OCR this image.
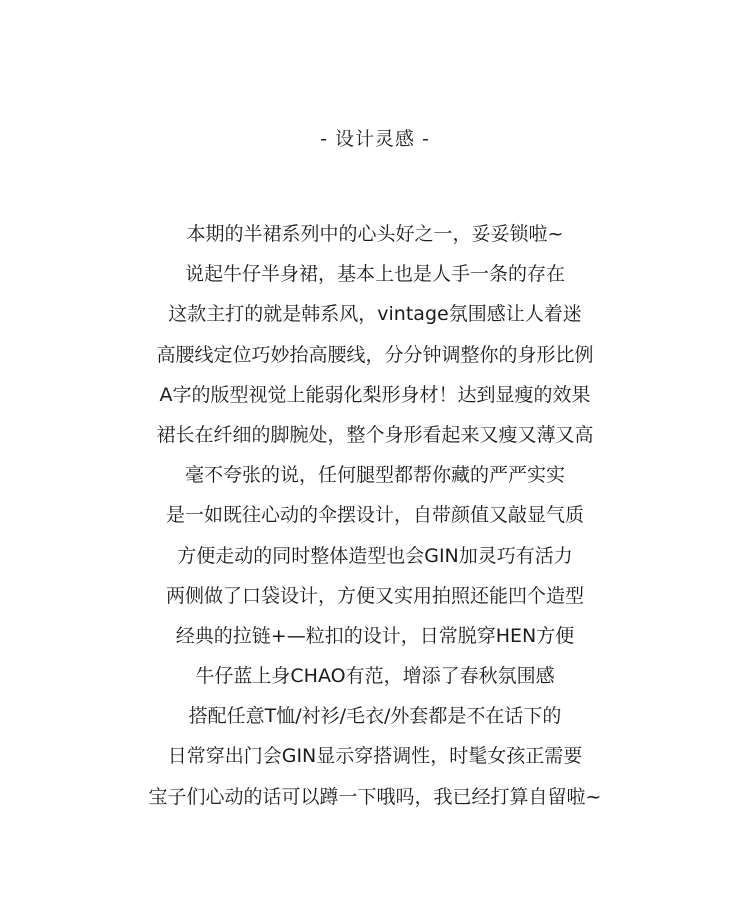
- 设计灵感 -
本期的半裙系列中的心头好之一，妥妥锁啦~
说起牛仔半身裙，基本上也是人手一条的存在
这款主打的就是韩系风，vintage氛围感让人着迷
高腰线定位巧妙抬高腰线，分分钟调整你的身形比例
A字的版型视觉上能弱化梨形身材！达到显瘦的效果
裙长在纤细的脚腕处，整个身形看起来又瘦又薄又高
毫不夸张的说，任何腿型都帮你藏的严严实实
是一如既往心动的伞摆设计，自带颜值又敲显气质
方便走动的同时整体造型也会GIN加灵巧有活力
两侧做了口袋设计，方便又实用拍照还能凹个造型
经典的拉链+—粒扣的设计，日常脱穿HEN方便
牛仔蓝上身CHAO有范，增添了春秋氛围感
搭配任意T恤/衬衫/毛衣/外套都是不在话下的
日常穿出门会GIN显示穿搭调性，时髦女孩正需要
宝子们心动的话可以蹲一下哦吗，我已经打算自留啦~
